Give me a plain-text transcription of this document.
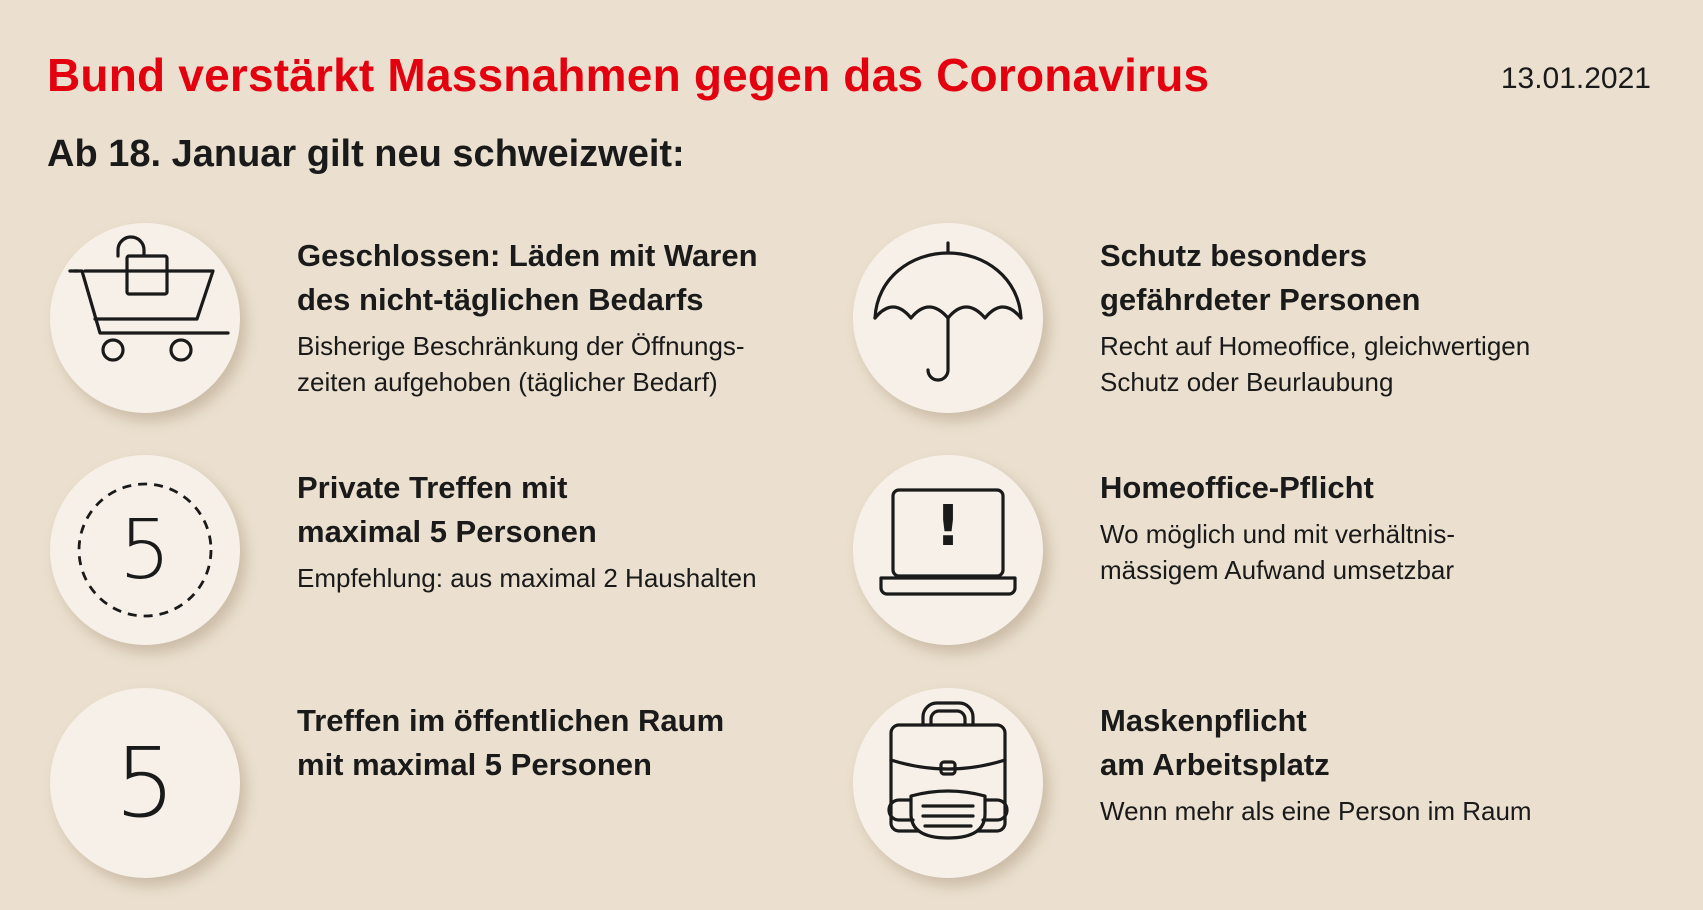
Bund verstärkt Massnahmen gegen das Coronavirus	13.01.2021
Ab 18. Januar gilt neu schweizweit:
Geschlossen: Läden mit Waren
des nicht-täglichen Bedarfs
Bisherige Beschränkung der Öffnungs-
zeiten aufgehoben (täglicher Bedarf)
5
Private Treffen mit
maximal 5 Personen
Empfehlung: aus maximal 2 Haushalten
5
Treffen im öffentlichen Raum
mit maximal 5 Personen
Schutz besonders
gefährdeter Personen
Recht auf Homeoffice, gleichwertigen
Schutz oder Beurlaubung
!
Homeoffice-Pflicht
Wo möglich und mit verhältnis-
mässigem Aufwand umsetzbar
Maskenpflicht
am Arbeitsplatz
Wenn mehr als eine Person im Raum
